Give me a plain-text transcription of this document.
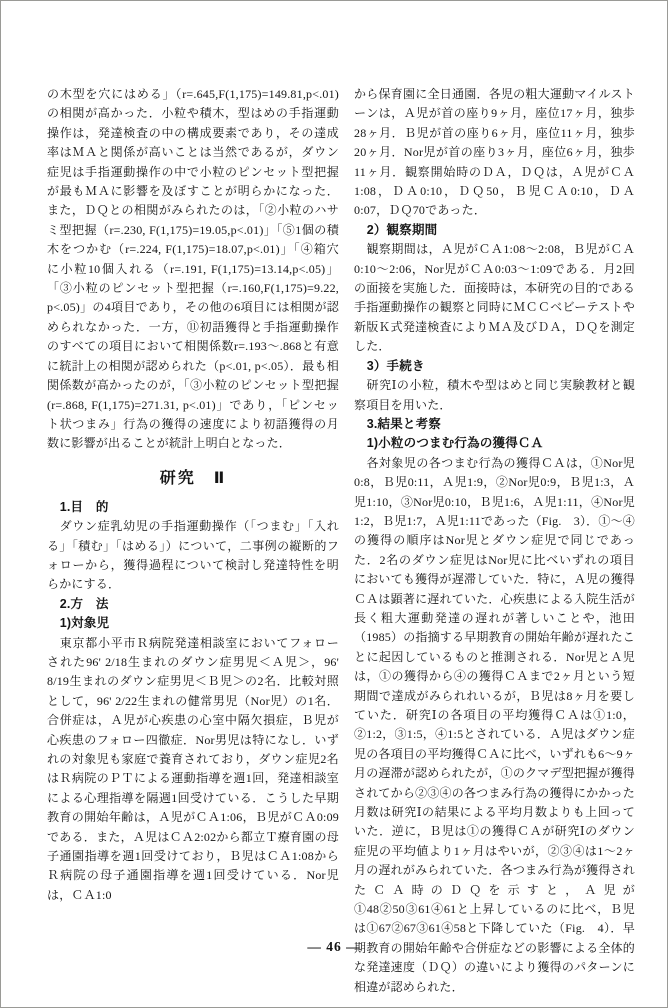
の木型を穴にはめる」（r=.645,F(1,175)=149.81,p<.01)の相関が高かった．小粒や積木，型はめの手指運動操作は，発達検査の中の構成要素であり，その達成率はＭＡと関係が高いことは当然であるが，ダウン症児は手指運動操作の中で小粒のピンセット型把握が最もＭＡに影響を及ぼすことが明らかになった．また，ＤＱとの相関がみられたのは，「②小粒のハサミ型把握（r=.230, F(1,175)=19.05,p<.01)」「⑤1個の積木をつかむ（r=.224, F(1,175)=18.07,p<.01)」「④箱穴に小粒10個入れる（r=.191, F(1,175)=13.14,p<.05)」「③小粒のピンセット型把握（r=.160,F(1,175)=9.22, p<.05)」の4項目であり，その他の6項目には相関が認められなかった．一方，⑪初語獲得と手指運動操作のすべての項目において相関係数r=.193〜.868と有意に統計上の相関が認められた（p<.01, p<.05）．最も相関係数が高かったのが，「③小粒のピンセット型把握(r=.868, F(1,175)=271.31, p<.01)」であり，「ピンセット状つまみ」行為の獲得の速度により初語獲得の月数に影響が出ることが統計上明白となった．

研究　Ⅱ
　1.目　的

　ダウン症乳幼児の手指運動操作（「つまむ」「入れる」「積む」「はめる」）について，二事例の縦断的フォローから，獲得過程について検討し発達特性を明らかにする．

　2.方　法
　1)対象児

　東京都小平市Ｒ病院発達相談室においてフォローされた96' 2/18生まれのダウン症男児＜Ａ児＞，96' 8/19生まれのダウン症男児＜Ｂ児＞の2名．比較対照として，96' 2/22生まれの健常男児（Nor児）の1名．合併症は，Ａ児が心疾患の心室中隔欠損症，Ｂ児が心疾患のフォロー四徹症．Nor男児は特になし．いずれの対象児も家庭で養育されており，ダウン症児2名はＲ病院のＰＴによる運動指導を週1回，発達相談室による心理指導を隔週1回受けている．こうした早期教育の開始年齢は，Ａ児がＣＡ1:06，Ｂ児がＣＡ0:09である．また，Ａ児はＣＡ2:02から都立Ｔ療育園の母子通園指導を週1回受けており，Ｂ児はＣＡ1:08からＲ病院の母子通園指導を週1回受けている．Nor児は，ＣＡ1:0

から保育園に全日通園．各児の粗大運動マイルストーンは，Ａ児が首の座り9ヶ月，座位17ヶ月，独歩28ヶ月．Ｂ児が首の座り6ヶ月，座位11ヶ月，独歩20ヶ月．Nor児が首の座り3ヶ月，座位6ヶ月，独歩11ヶ月．観察開始時のＤＡ，ＤＱは，Ａ児がＣＡ1:08，ＤＡ0:10，ＤＱ50，Ｂ児ＣＡ0:10，ＤＡ0:07，ＤＱ70であった．

　2）観察期間

　観察期間は，Ａ児がＣＡ1:08〜2:08，Ｂ児がＣＡ0:10〜2:06，Nor児がＣＡ0:03〜1:09である．月2回の面接を実施した．面接時は，本研究の目的である手指運動操作の観察と同時にＭＣＣベビーテストや新版Ｋ式発達検査によりＭＡ及びＤＡ，ＤＱを測定した．

　3）手続き

　研究Ⅰの小粒，積木や型はめと同じ実験教材と観察項目を用いた．

　3.結果と考察
　1)小粒のつまむ行為の獲得ＣＡ

　各対象児の各つまむ行為の獲得ＣＡは，①Nor児0:8，Ｂ児0:11，Ａ児1:9，②Nor児0:9，Ｂ児1:3，Ａ児1:10，③Nor児0:10，Ｂ児1:6，Ａ児1:11，④Nor児1:2，Ｂ児1:7，Ａ児1:11であった（Fig.　3）．①〜④の獲得の順序はNor児とダウン症児で同じであった．2名のダウン症児はNor児に比べいずれの項目においても獲得が遅滞していた．特に，Ａ児の獲得ＣＡは顕著に遅れていた．心疾患による入院生活が長く粗大運動発達の遅れが著しいことや，池田（1985）の指摘する早期教育の開始年齢が遅れたことに起因しているものと推測される．Nor児とＡ児は，①の獲得から④の獲得ＣＡまで2ヶ月という短期間で達成がみられれいるが，Ｂ児は8ヶ月を要していた．研究Ⅰの各項目の平均獲得ＣＡは①1:0，②1:2，③1:5，④1:5とされている．Ａ児はダウン症児の各項目の平均獲得ＣＡに比べ，いずれも6〜9ヶ月の遅滞が認められたが，①のクマデ型把握が獲得されてから②③④の各つまみ行為の獲得にかかった月数は研究Ⅰの結果による平均月数よりも上回っていた．逆に，Ｂ児は①の獲得ＣＡが研究Ⅰのダウン症児の平均値より1ヶ月はやいが，②③④は1〜2ヶ月の遅れがみられていた．各つまみ行為が獲得されたＣＡ時のＤＱを示すと，Ａ児が①48②50③61④61と上昇しているのに比べ，Ｂ児は①67②67③61④58と下降していた（Fig.　4）．早期教育の開始年齢や合併症などの影響による全体的な発達速度（ＤＱ）の違いにより獲得のパターンに相違が認められた．

— 46 —
